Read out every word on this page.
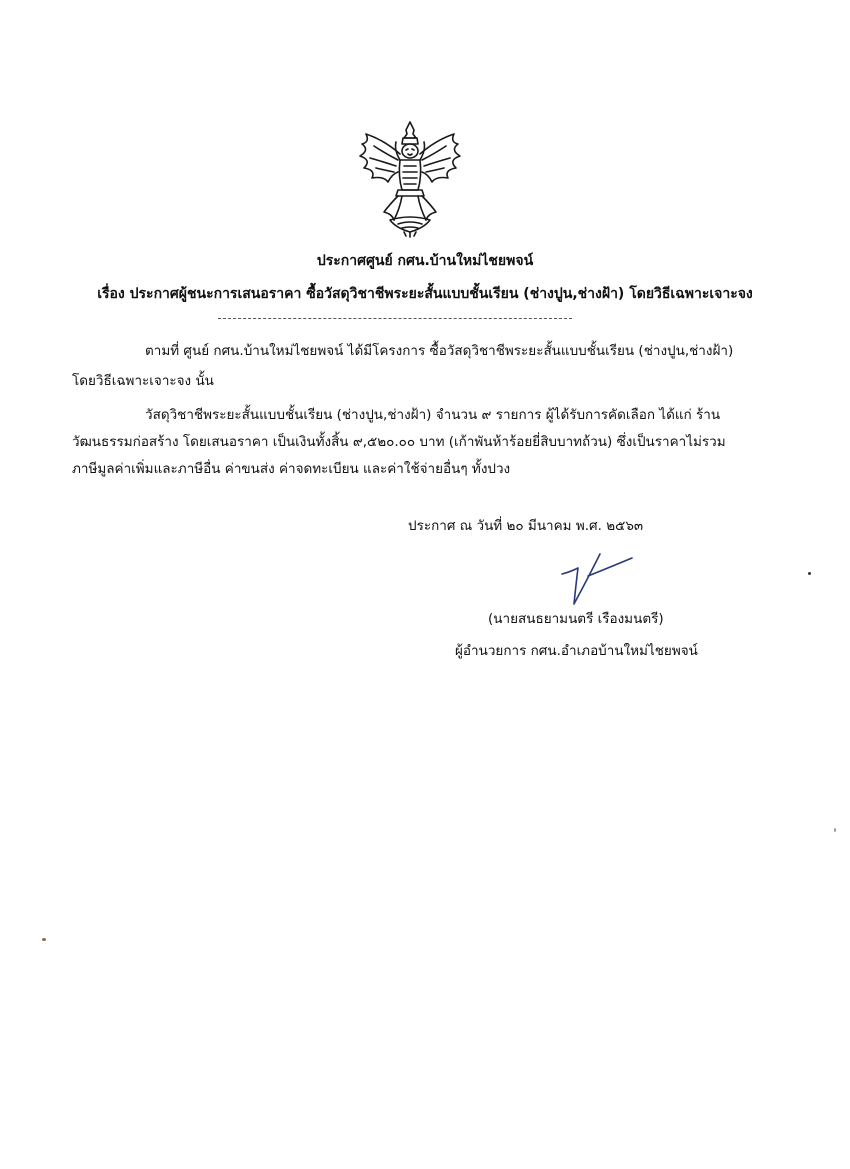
ประกาศศูนย์ กศน.บ้านใหม่ไชยพจน์
เรื่อง ประกาศผู้ชนะการเสนอราคา ซื้อวัสดุวิชาชีพระยะสั้นแบบชั้นเรียน (ช่างปูน,ช่างฝ้า) โดยวิธีเฉพาะเจาะจง
ตามที่ ศูนย์ กศน.บ้านใหม่ไชยพจน์ ได้มีโครงการ ซื้อวัสดุวิชาชีพระยะสั้นแบบชั้นเรียน (ช่างปูน,ช่างฝ้า)
โดยวิธีเฉพาะเจาะจง นั้น
วัสดุวิชาชีพระยะสั้นแบบชั้นเรียน (ช่างปูน,ช่างฝ้า) จำนวน ๙ รายการ ผู้ได้รับการคัดเลือก ได้แก่ ร้าน
วัฒนธรรมก่อสร้าง โดยเสนอราคา เป็นเงินทั้งสิ้น ๙,๕๒๐.๐๐ บาท (เก้าพันห้าร้อยยี่สิบบาทถ้วน) ซึ่งเป็นราคาไม่รวม
ภาษีมูลค่าเพิ่มและภาษีอื่น ค่าขนส่ง ค่าจดทะเบียน และค่าใช้จ่ายอื่นๆ ทั้งปวง
ประกาศ ณ วันที่ ๒๐ มีนาคม พ.ศ. ๒๕๖๓
(นายสนธยามนตรี เรืองมนตรี)
ผู้อำนวยการ กศน.อำเภอบ้านใหม่ไชยพจน์
